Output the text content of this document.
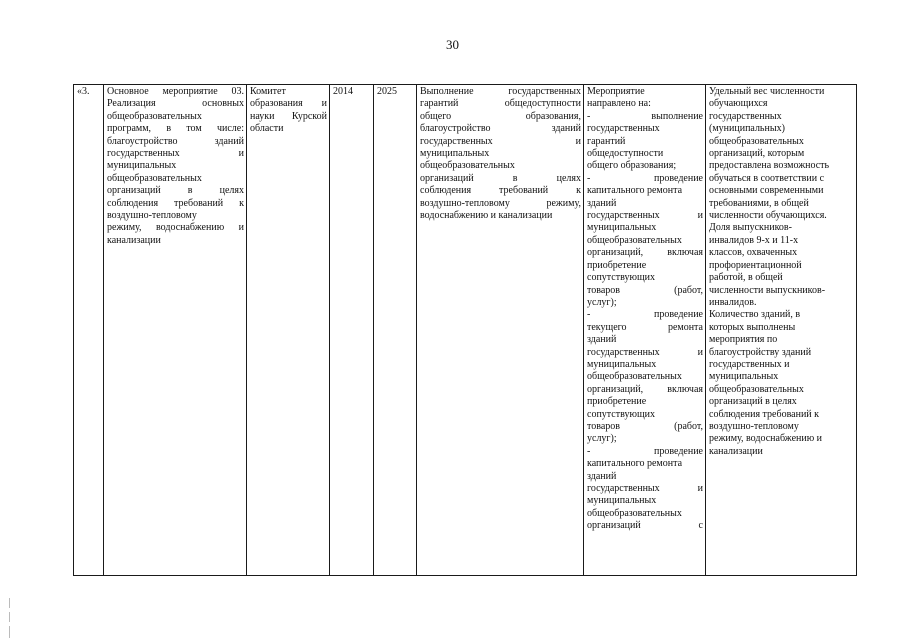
30
«3.	Основное мероприятие 03.
Реализация основных
общеобразовательных
программ, в том числе:
благоустройство зданий
государственных и
муниципальных
общеобразовательных
организаций в целях
соблюдения требований к
воздушно-тепловому
режиму, водоснабжению и
канализации

Комитет
образования и
науки Курской
области
	2014	2025	Выполнение государственных
гарантий общедоступности
общего образования,
благоустройство зданий
государственных и
муниципальных
общеобразовательных
организаций в целях
соблюдения требований к
воздушно-тепловому режиму,
водоснабжению и канализации

Мероприятие
направлено на:
- выполнение
государственных
гарантий
общедоступности
общего образования;
- проведение
капитального ремонта
зданий
государственных и
муниципальных
общеобразовательных
организаций, включая
приобретение
сопутствующих
товаров (работ,
услуг);
- проведение
текущего ремонта
зданий
государственных и
муниципальных
общеобразовательных
организаций, включая
приобретение
сопутствующих
товаров (работ,
услуг);
- проведение
капитального ремонта
зданий
государственных и
муниципальных
общеобразовательных
организаций с

Удельный вес численности
обучающихся
государственных
(муниципальных)
общеобразовательных
организаций, которым
предоставлена возможность
обучаться в соответствии с
основными современными
требованиями, в общей
численности обучающихся.
Доля выпускников-
инвалидов 9-х и 11-х
классов, охваченных
профориентационной
работой, в общей
численности выпускников-
инвалидов.
Количество зданий, в
которых выполнены
мероприятия по
благоустройству зданий
государственных и
муниципальных
общеобразовательных
организаций в целях
соблюдения требований к
воздушно-тепловому
режиму, водоснабжению и
канализации
